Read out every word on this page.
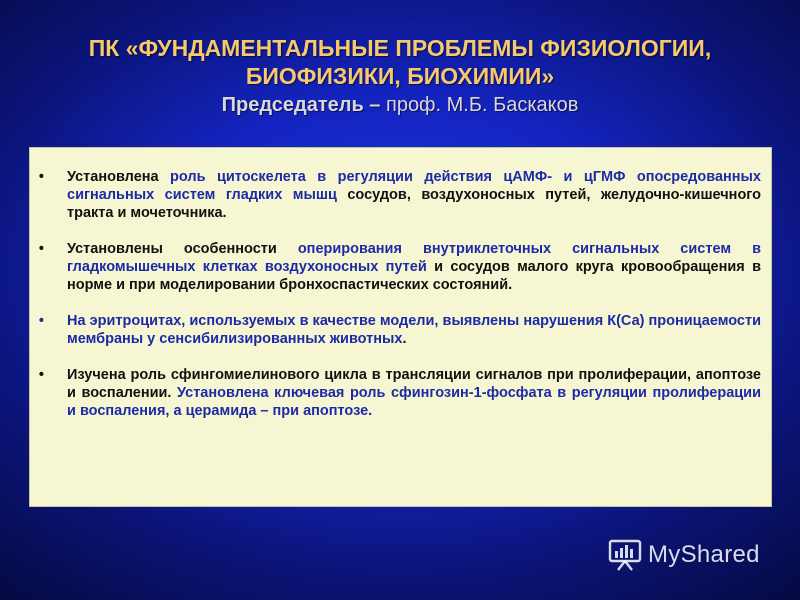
ПК «ФУНДАМЕНТАЛЬНЫЕ ПРОБЛЕМЫ ФИЗИОЛОГИИ,
БИОФИЗИКИ, БИОХИМИИ»
Председатель – проф. М.Б. Баскаков
• Установлена роль цитоскелета в регуляции действия цАМФ- и цГМФ опосредованных сигнальных систем гладких мышц сосудов, воздухоносных путей, желудочно-кишечного тракта и мочеточника.
• Установлены особенности оперирования внутриклеточных сигнальных систем в гладкомышечных клетках воздухоносных путей и сосудов малого круга кровообращения в норме и при моделировании бронхоспастических состояний.
• На эритроцитах, используемых в качестве модели, выявлены нарушения К(Са) проницаемости мембраны у сенсибилизированных животных.
• Изучена роль сфингомиелинового цикла в трансляции сигналов при пролиферации, апоптозе и воспалении. Установлена ключевая роль сфингозин-1-фосфата в регуляции пролиферации и воспаления, а церамида – при апоптозе.
MyShared
